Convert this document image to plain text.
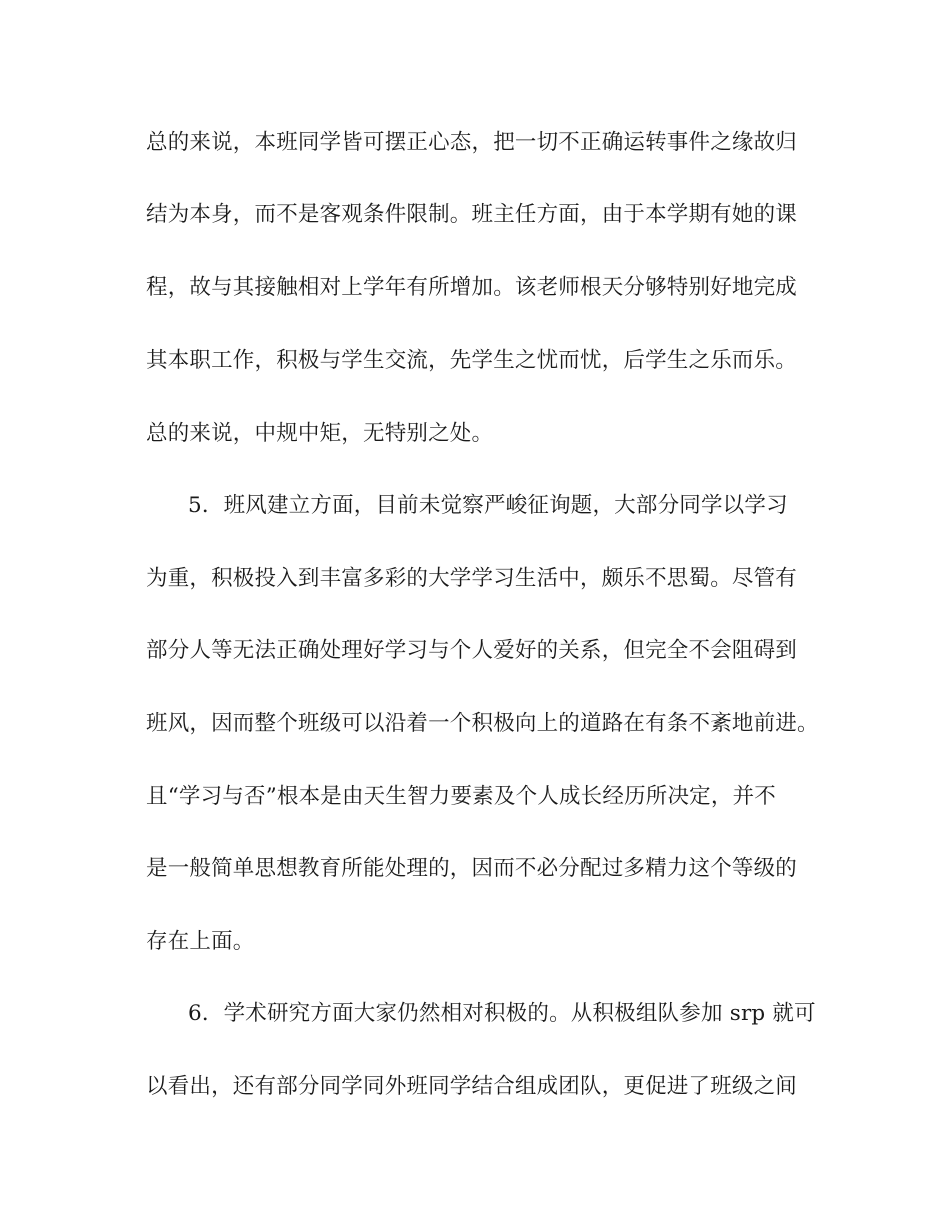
总的来说，本班同学皆可摆正心态，把一切不正确运转事件之缘故归
结为本身，而不是客观条件限制。班主任方面，由于本学期有她的课
程，故与其接触相对上学年有所增加。该老师根天分够特别好地完成
其本职工作，积极与学生交流，先学生之忧而忧，后学生之乐而乐。
总的来说，中规中矩，无特别之处。
5．班风建立方面，目前未觉察严峻征询题，大部分同学以学习
为重，积极投入到丰富多彩的大学学习生活中，颇乐不思蜀。尽管有
部分人等无法正确处理好学习与个人爱好的关系，但完全不会阻碍到
班风，因而整个班级可以沿着一个积极向上的道路在有条不紊地前进。
且“学习与否”根本是由天生智力要素及个人成长经历所决定，并不
是一般简单思想教育所能处理的，因而不必分配过多精力这个等级的
存在上面。
6．学术研究方面大家仍然相对积极的。从积极组队参加 srp 就可
以看出，还有部分同学同外班同学结合组成团队，更促进了班级之间
